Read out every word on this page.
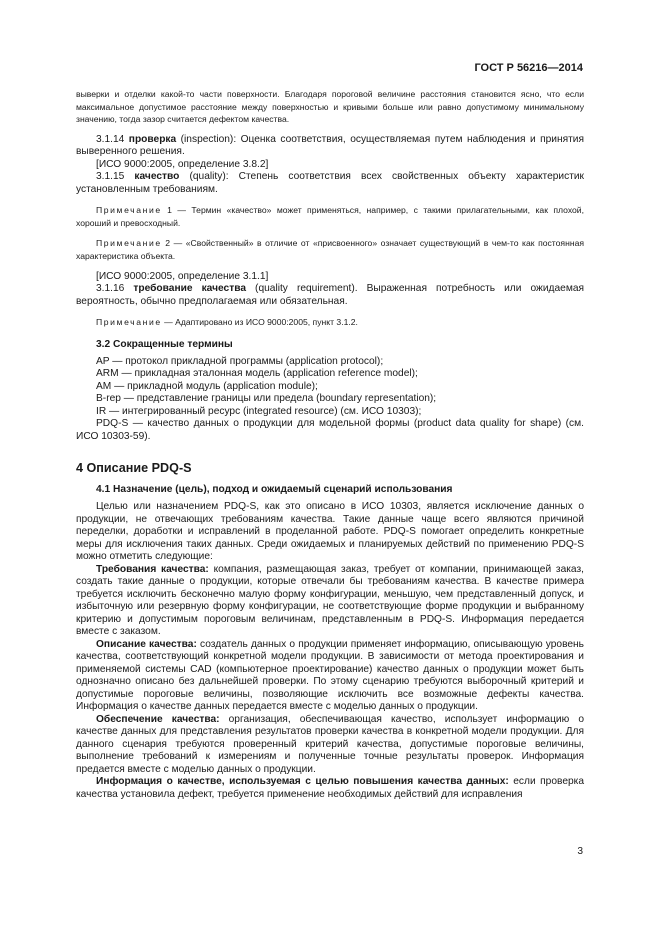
ГОСТ Р 56216—2014

выверки и отделки какой-то части поверхности. Благодаря пороговой величине расстояния становится ясно, что если максимальное допустимое расстояние между поверхностью и кривыми больше или равно допустимому минимальному значению, тогда зазор считается дефектом качества.

3.1.14 проверка (inspection): Оценка соответствия, осуществляемая путем наблюдения и принятия выверенного решения.

[ИСО 9000:2005, определение 3.8.2]

3.1.15 качество (quality): Степень соответствия всех свойственных объекту характеристик установленным требованиям.

Примечание 1 — Термин «качество» может применяться, например, с такими прилагательными, как плохой, хороший и превосходный.

Примечание 2 — «Свойственный» в отличие от «присвоенного» означает существующий в чем-то как постоянная характеристика объекта.

[ИСО 9000:2005, определение 3.1.1]

3.1.16 требование качества (quality requirement). Выраженная потребность или ожидаемая вероятность, обычно предполагаемая или обязательная.

Примечание — Адаптировано из ИСО 9000:2005, пункт 3.1.2.

3.2 Сокращенные термины

AP — протокол прикладной программы (application protocol);

ARM — прикладная эталонная модель (application reference model);

AM — прикладной модуль (application module);

B-rep — представление границы или предела (boundary representation);

IR — интегрированный ресурс (integrated resource) (см. ИСО 10303);

PDQ-S — качество данных о продукции для модельной формы (product data quality for shape) (см. ИСО 10303-59).

4 Описание PDQ-S

4.1 Назначение (цель), подход и ожидаемый сценарий использования

Целью или назначением PDQ-S, как это описано в ИСО 10303, является исключение данных о продукции, не отвечающих требованиям качества. Такие данные чаще всего являются причиной переделки, доработки и исправлений в проделанной работе. PDQ-S помогает определить конкретные меры для исключения таких данных. Среди ожидаемых и планируемых действий по применению PDQ-S можно отметить следующие:

Требования качества: компания, размещающая заказ, требует от компании, принимающей заказ, создать такие данные о продукции, которые отвечали бы требованиям качества. В качестве примера требуется исключить бесконечно малую форму конфигурации, меньшую, чем представленный допуск, и избыточную или резервную форму конфигурации, не соответствующие форме продукции и выбранному критерию и допустимым пороговым величинам, представленным в PDQ-S. Информация передается вместе с заказом.

Описание качества: создатель данных о продукции применяет информацию, описывающую уровень качества, соответствующий конкретной модели продукции. В зависимости от метода проектирования и применяемой системы CAD (компьютерное проектирование) качество данных о продукции может быть однозначно описано без дальнейшей проверки. По этому сценарию требуются выборочный критерий и допустимые пороговые величины, позволяющие исключить все возможные дефекты качества. Информация о качестве данных передается вместе с моделью данных о продукции.

Обеспечение качества: организация, обеспечивающая качество, использует информацию о качестве данных для представления результатов проверки качества в конкретной модели продукции. Для данного сценария требуются проверенный критерий качества, допустимые пороговые величины, выполнение требований к измерениям и полученные точные результаты проверок. Информация предается вместе с моделью данных о продукции.

Информация о качестве, используемая с целью повышения качества данных: если проверка качества установила дефект, требуется применение необходимых действий для исправления

3
